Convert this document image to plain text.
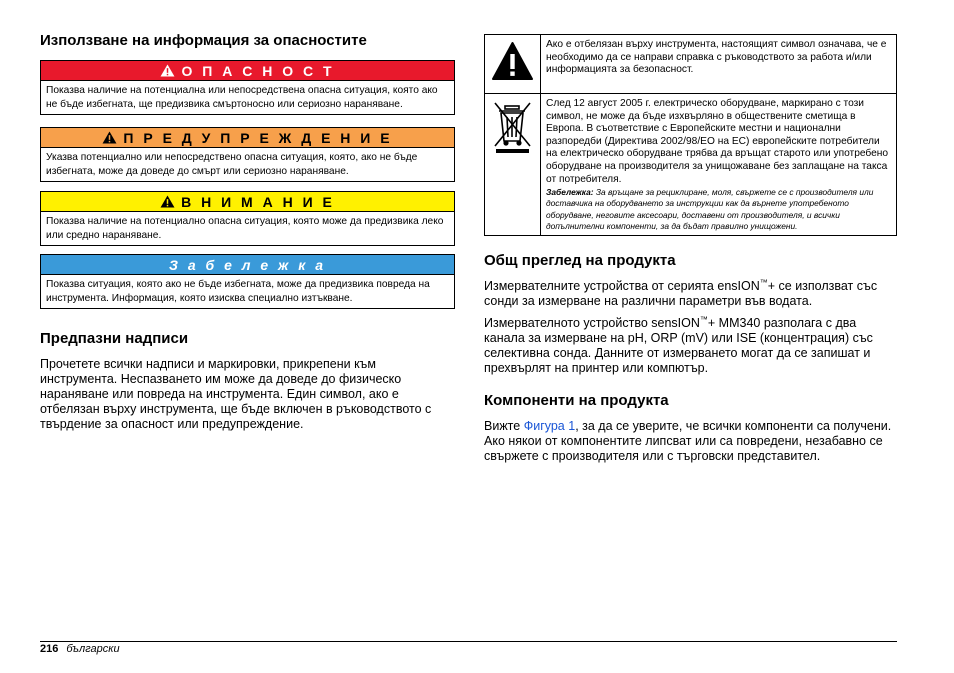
Използване на информация за опасностите
О П А С Н О С Т
Показва наличие на потенциална или непосредствена опасна ситуация, която ако не бъде избегната, ще предизвика смъртоносно или сериозно нараняване.
П Р Е Д У П Р Е Ж Д Е Н И Е
Указва потенциално или непосредствено опасна ситуация, която, ако не бъде избегната, може да доведе до смърт или сериозно нараняване.
В Н И М А Н И Е
Показва наличие на потенциално опасна ситуация, която може да предизвика леко или средно нараняване.
З а б е л е ж к а
Показва ситуация, която ако не бъде избегната, може да предизвика повреда на инструмента. Информация, която изисква специално изтъкване.
Предпазни надписи

Прочетете всички надписи и маркировки, прикрепени към инструмента. Неспазването им може да доведе до физическо нараняване или повреда на инструмента. Един символ, ако е отбелязан върху инструмента, ще бъде включен в ръководството с твърдение за опасност или предупреждение.

	Ако е отбелязан върху инструмента, настоящият символ означава, че е необходимо да се направи справка с ръководството за работа и/или информацията за безопасност.

След 12 август 2005 г. електрическо оборудване, маркирано с този символ, не може да бъде изхвърляно в обществените сметища в Европа. В съответствие с Европейските местни и национални разпоредби (Директива 2002/98/EO на ЕС) европейските потребители на електрическо оборудване трябва да връщат старото или употребено оборудване на производителя за унищожаване без заплащане на такса от потребителя.
Забележка: За връщане за рециклиране, моля, свържете се с производителя или доставчика на оборудването за инструкции как да върнете употребеното оборудване, неговите аксесоари, доставени от производителя, и всички допълнителни компоненти, за да бъдат правилно унищожени.
Общ преглед на продукта

Измервателните устройства от серията ensION™+ се използват със сонди за измерване на различни параметри във водата.

Измервателното устройство sensION™+ MM340 разполага с два канала за измерване на pH, ORP (mV) или ISE (концентрация) със селективна сонда. Данните от измерването могат да се запишат и прехвърлят на принтер или компютър.

Компоненти на продукта

Вижте Фигура 1, за да се уверите, че всички компоненти са получени. Ако някои от компонентите липсват или са повредени, незабавно се свържете с производителя или с търговски представител.

216 български
